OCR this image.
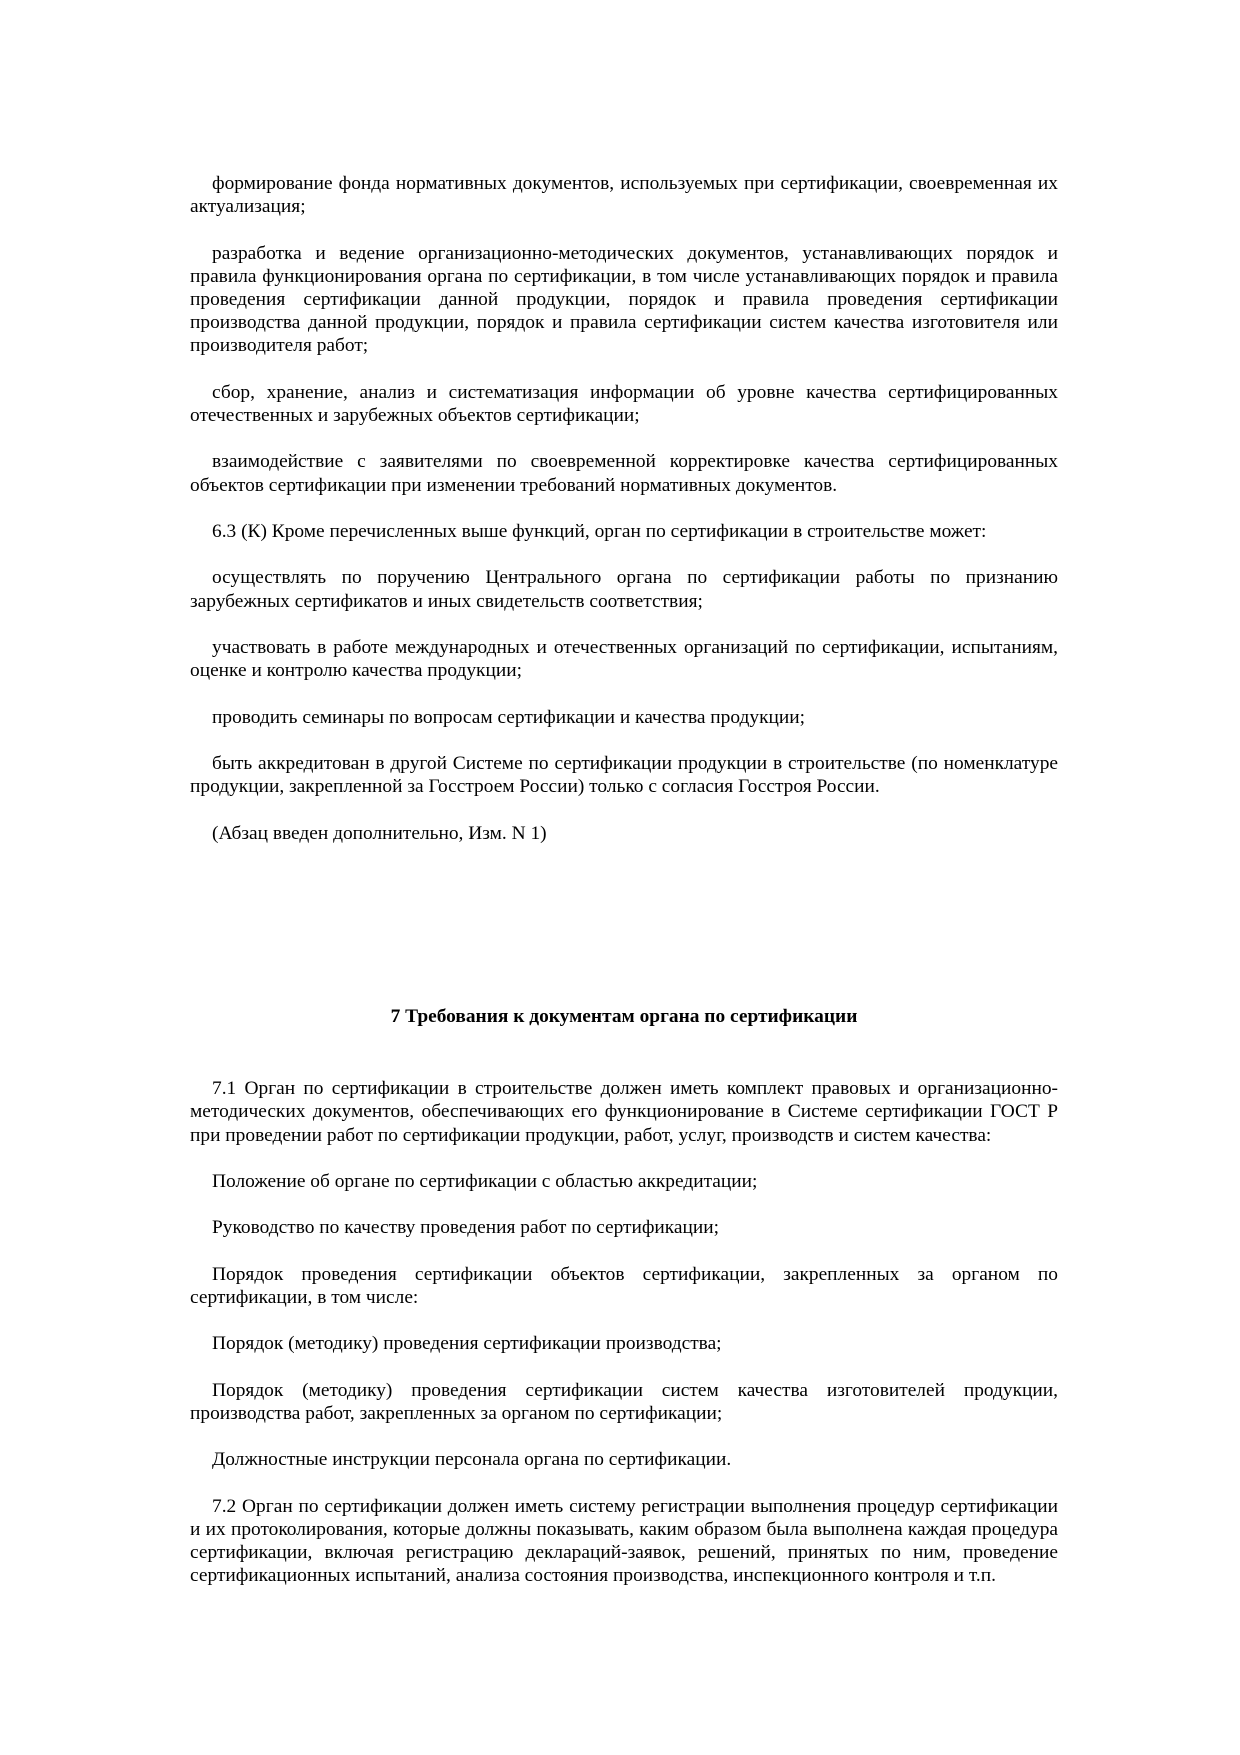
формирование фонда нормативных документов, используемых при сертификации, своевременная их актуализация;

разработка и ведение организационно-методических документов, устанавливающих порядок и правила функционирования органа по сертификации, в том числе устанавливающих порядок и правила проведения сертификации данной продукции, порядок и правила проведения сертификации производства данной продукции, порядок и правила сертификации систем качества изготовителя или производителя работ;

сбор, хранение, анализ и систематизация информации об уровне качества сертифицированных отечественных и зарубежных объектов сертификации;

взаимодействие с заявителями по своевременной корректировке качества сертифицированных объектов сертификации при изменении требований нормативных документов.

6.3 (К) Кроме перечисленных выше функций, орган по сертификации в строительстве может:

осуществлять по поручению Центрального органа по сертификации работы по признанию зарубежных сертификатов и иных свидетельств соответствия;

участвовать в работе международных и отечественных организаций по сертификации, испытаниям, оценке и контролю качества продукции;

проводить семинары по вопросам сертификации и качества продукции;

быть аккредитован в другой Системе по сертификации продукции в строительстве (по номенклатуре продукции, закрепленной за Госстроем России) только с согласия Госстроя России.

(Абзац введен дополнительно, Изм. N 1)

7 Требования к документам органа по сертификации

7.1 Орган по сертификации в строительстве должен иметь комплект правовых и организационно-методических документов, обеспечивающих его функционирование в Системе сертификации ГОСТ Р при проведении работ по сертификации продукции, работ, услуг, производств и систем качества:

Положение об органе по сертификации с областью аккредитации;

Руководство по качеству проведения работ по сертификации;

Порядок проведения сертификации объектов сертификации, закрепленных за органом по сертификации, в том числе:

Порядок (методику) проведения сертификации производства;

Порядок (методику) проведения сертификации систем качества изготовителей продукции, производства работ, закрепленных за органом по сертификации;

Должностные инструкции персонала органа по сертификации.

7.2 Орган по сертификации должен иметь систему регистрации выполнения процедур сертификации и их протоколирования, которые должны показывать, каким образом была выполнена каждая процедура сертификации, включая регистрацию деклараций-заявок, решений, принятых по ним, проведение сертификационных испытаний, анализа состояния производства, инспекционного контроля и т.п.
